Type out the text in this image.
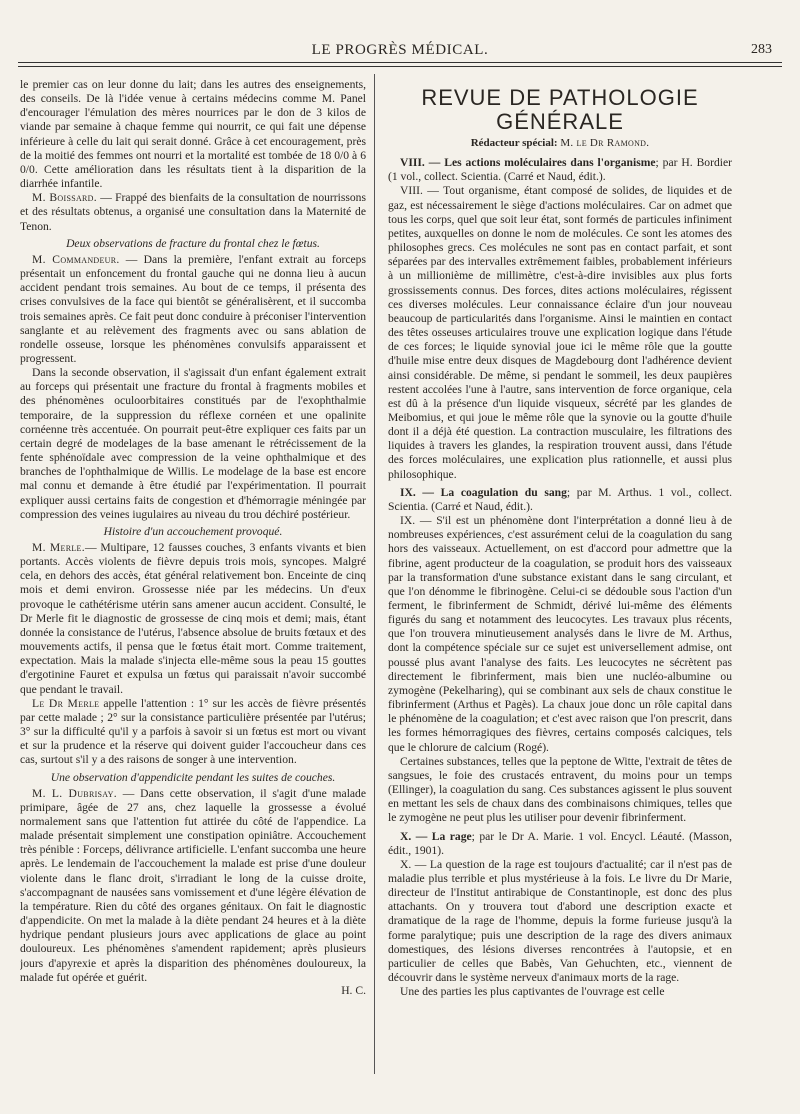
LE PROGRÈS MÉDICAL.	283

le premier cas on leur donne du lait; dans les autres des enseignements, des conseils. De là l'idée venue à certains médecins comme M. Panel d'encourager l'émulation des mères nourrices par le don de 3 kilos de viande par semaine à chaque femme qui nourrit, ce qui fait une dépense inférieure à celle du lait qui serait donné. Grâce à cet encouragement, près de la moitié des femmes ont nourri et la mortalité est tombée de 18 0/0 à 6 0/0. Cette amélioration dans les résultats tient à la disparition de la diarrhée infantile.

M. Boissard. — Frappé des bienfaits de la consultation de nourrissons et des résultats obtenus, a organisé une consultation dans la Maternité de Tenon.

Deux observations de fracture du frontal chez le fœtus.

M. Commandeur. — Dans la première, l'enfant extrait au forceps présentait un enfoncement du frontal gauche qui ne donna lieu à aucun accident pendant trois semaines. Au bout de ce temps, il présenta des crises convulsives de la face qui bientôt se généralisèrent, et il succomba trois semaines après. Ce fait peut donc conduire à préconiser l'intervention sanglante et au relèvement des fragments avec ou sans ablation de rondelle osseuse, lorsque les phénomènes convulsifs apparaissent et progressent.

Dans la seconde observation, il s'agissait d'un enfant également extrait au forceps qui présentait une fracture du frontal à fragments mobiles et des phénomènes oculoorbitaires constitués par de l'exophthalmie temporaire, de la suppression du réflexe cornéen et une opalinite cornéenne très accentuée. On pourrait peut-être expliquer ces faits par un certain degré de modelages de la base amenant le rétrécissement de la fente sphénoïdale avec compression de la veine ophthalmique et des branches de l'ophthalmique de Willis. Le modelage de la base est encore mal connu et demande à être étudié par l'expérimentation. Il pourrait expliquer aussi certains faits de congestion et d'hémorragie méningée par compression des veines iugulaires au niveau du trou déchiré postérieur.

Histoire d'un accouchement provoqué.

M. Merle.— Multipare, 12 fausses couches, 3 enfants vivants et bien portants. Accès violents de fièvre depuis trois mois, syncopes. Malgré cela, en dehors des accès, état général relativement bon. Enceinte de cinq mois et demi environ. Grossesse niée par les médecins. Un d'eux provoque le cathétérisme utérin sans amener aucun accident. Consulté, le Dr Merle fit le diagnostic de grossesse de cinq mois et demi; mais, étant donnée la consistance de l'utérus, l'absence absolue de bruits fœtaux et des mouvements actifs, il pensa que le fœtus était mort. Comme traitement, expectation. Mais la malade s'injecta elle-même sous la peau 15 gouttes d'ergotinine Fauret et expulsa un fœtus qui paraissait n'avoir succombé que pendant le travail.

Le Dr Merle appelle l'attention : 1° sur les accès de fièvre présentés par cette malade ; 2° sur la consistance particulière présentée par l'utérus; 3° sur la difficulté qu'il y a parfois à savoir si un fœtus est mort ou vivant et sur la prudence et la réserve qui doivent guider l'accoucheur dans ces cas, surtout s'il y a des raisons de songer à une intervention.

Une observation d'appendicite pendant les suites de couches.

M. L. Dubrisay. — Dans cette observation, il s'agit d'une malade primipare, âgée de 27 ans, chez laquelle la grossesse a évolué normalement sans que l'attention fut attirée du côté de l'appendice. La malade présentait simplement une constipation opiniâtre. Accouchement très pénible : Forceps, délivrance artificielle. L'enfant succomba une heure après. Le lendemain de l'accouchement la malade est prise d'une douleur violente dans le flanc droit, s'irradiant le long de la cuisse droite, s'accompagnant de nausées sans vomissement et d'une légère élévation de la température. Rien du côté des organes génitaux. On fait le diagnostic d'appendicite. On met la malade à la diète pendant 24 heures et à la diète hydrique pendant plusieurs jours avec applications de glace au point douloureux. Les phénomènes s'amendent rapidement; après plusieurs jours d'apyrexie et après la disparition des phénomènes douloureux, la malade fut opérée et guérit.
H. C.

REVUE DE PATHOLOGIE GÉNÉRALE
Rédacteur spécial: M. le Dr Ramond.

VIII. — Les actions moléculaires dans l'organisme; par H. Bordier (1 vol., collect. Scientia. (Carré et Naud, édit.).

VIII. — Tout organisme, étant composé de solides, de liquides et de gaz, est nécessairement le siège d'actions moléculaires. Car on admet que tous les corps, quel que soit leur état, sont formés de particules infiniment petites, auxquelles on donne le nom de molécules. Ce sont les atomes des philosophes grecs. Ces molécules ne sont pas en contact parfait, et sont séparées par des intervalles extrêmement faibles, probablement inférieurs à un millionième de millimètre, c'est-à-dire invisibles aux plus forts grossissements connus. Des forces, dites actions moléculaires, régissent ces diverses molécules. Leur connaissance éclaire d'un jour nouveau beaucoup de particularités dans l'organisme. Ainsi le maintien en contact des têtes osseuses articulaires trouve une explication logique dans l'étude de ces forces; le liquide synovial joue ici le même rôle que la goutte d'huile mise entre deux disques de Magdebourg dont l'adhérence devient ainsi considérable. De même, si pendant le sommeil, les deux paupières restent accolées l'une à l'autre, sans intervention de force organique, cela est dû à la présence d'un liquide visqueux, sécrété par les glandes de Meibomius, et qui joue le même rôle que la synovie ou la goutte d'huile dont il a déjà été question. La contraction musculaire, les filtrations des liquides à travers les glandes, la respiration trouvent aussi, dans l'étude des forces moléculaires, une explication plus rationnelle, et aussi plus philosophique.

IX. — La coagulation du sang; par M. Arthus. 1 vol., collect. Scientia. (Carré et Naud, édit.).

IX. — S'il est un phénomène dont l'interprétation a donné lieu à de nombreuses expériences, c'est assurément celui de la coagulation du sang hors des vaisseaux. Actuellement, on est d'accord pour admettre que la fibrine, agent producteur de la coagulation, se produit hors des vaisseaux par la transformation d'une substance existant dans le sang circulant, et que l'on dénomme le fibrinogène. Celui-ci se dédouble sous l'action d'un ferment, le fibrinferment de Schmidt, dérivé lui-même des éléments figurés du sang et notamment des leucocytes. Les travaux plus récents, que l'on trouvera minutieusement analysés dans le livre de M. Arthus, dont la compétence spéciale sur ce sujet est universellement admise, ont poussé plus avant l'analyse des faits. Les leucocytes ne sécrètent pas directement le fibrinferment, mais bien une nucléo-albumine ou zymogène (Pekelharing), qui se combinant aux sels de chaux constitue le fibrinferment (Arthus et Pagès). La chaux joue donc un rôle capital dans le phénomène de la coagulation; et c'est avec raison que l'on prescrit, dans les formes hémorragiques des fièvres, certains composés calciques, tels que le chlorure de calcium (Rogé).

Certaines substances, telles que la peptone de Witte, l'extrait de têtes de sangsues, le foie des crustacés entravent, du moins pour un temps (Ellinger), la coagulation du sang. Ces substances agissent le plus souvent en mettant les sels de chaux dans des combinaisons chimiques, telles que le zymogène ne peut plus les utiliser pour devenir fibrinferment.

X. — La rage; par le Dr A. Marie. 1 vol. Encycl. Léauté. (Masson, édit., 1901).

X. — La question de la rage est toujours d'actualité; car il n'est pas de maladie plus terrible et plus mystérieuse à la fois. Le livre du Dr Marie, directeur de l'Institut antirabique de Constantinople, est donc des plus attachants. On y trouvera tout d'abord une description exacte et dramatique de la rage de l'homme, depuis la forme furieuse jusqu'à la forme paralytique; puis une description de la rage des divers animaux domestiques, des lésions diverses rencontrées à l'autopsie, et en particulier de celles que Babès, Van Gehuchten, etc., viennent de découvrir dans le système nerveux d'animaux morts de la rage.

Une des parties les plus captivantes de l'ouvrage est celle
